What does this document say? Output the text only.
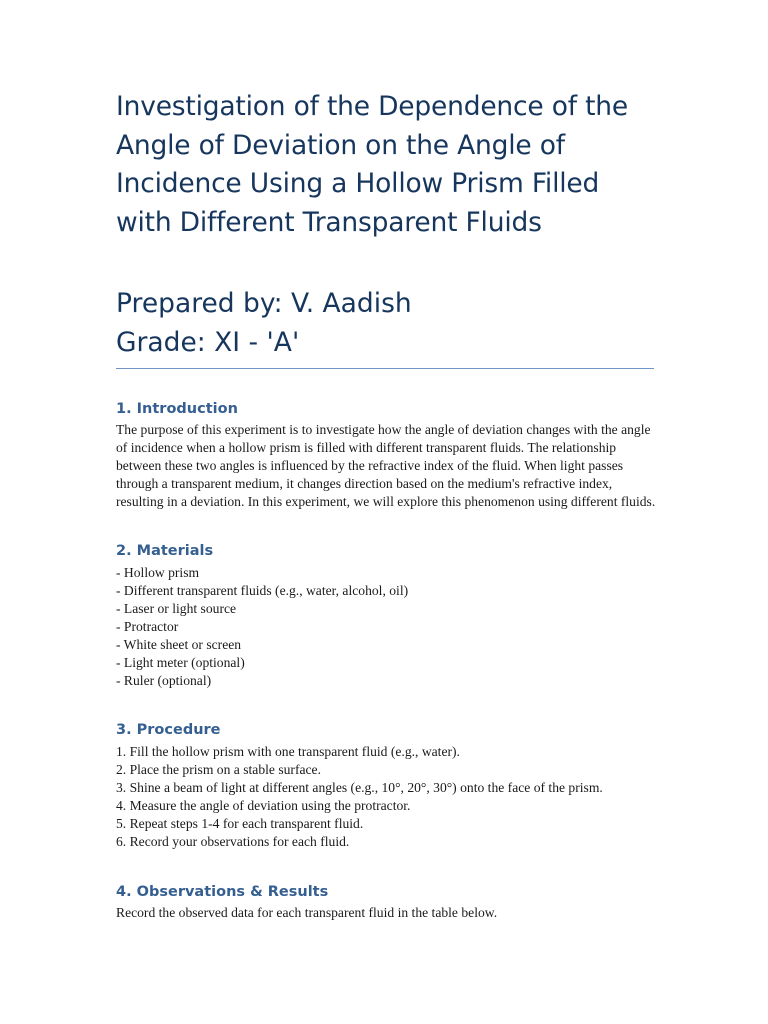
Investigation of the Dependence of the Angle of Deviation on the Angle of Incidence Using a Hollow Prism Filled with Different Transparent Fluids
Prepared by: V. Aadish
Grade: XI - 'A'
1. Introduction

The purpose of this experiment is to investigate how the angle of deviation changes with the angle of incidence when a hollow prism is filled with different transparent fluids. The relationship between these two angles is influenced by the refractive index of the fluid. When light passes through a transparent medium, it changes direction based on the medium's refractive index, resulting in a deviation. In this experiment, we will explore this phenomenon using different fluids.

2. Materials
- Hollow prism
- Different transparent fluids (e.g., water, alcohol, oil)
- Laser or light source
- Protractor
- White sheet or screen
- Light meter (optional)
- Ruler (optional)
3. Procedure
1. Fill the hollow prism with one transparent fluid (e.g., water).
2. Place the prism on a stable surface.
3. Shine a beam of light at different angles (e.g., 10°, 20°, 30°) onto the face of the prism.
4. Measure the angle of deviation using the protractor.
5. Repeat steps 1-4 for each transparent fluid.
6. Record your observations for each fluid.
4. Observations & Results

Record the observed data for each transparent fluid in the table below.
